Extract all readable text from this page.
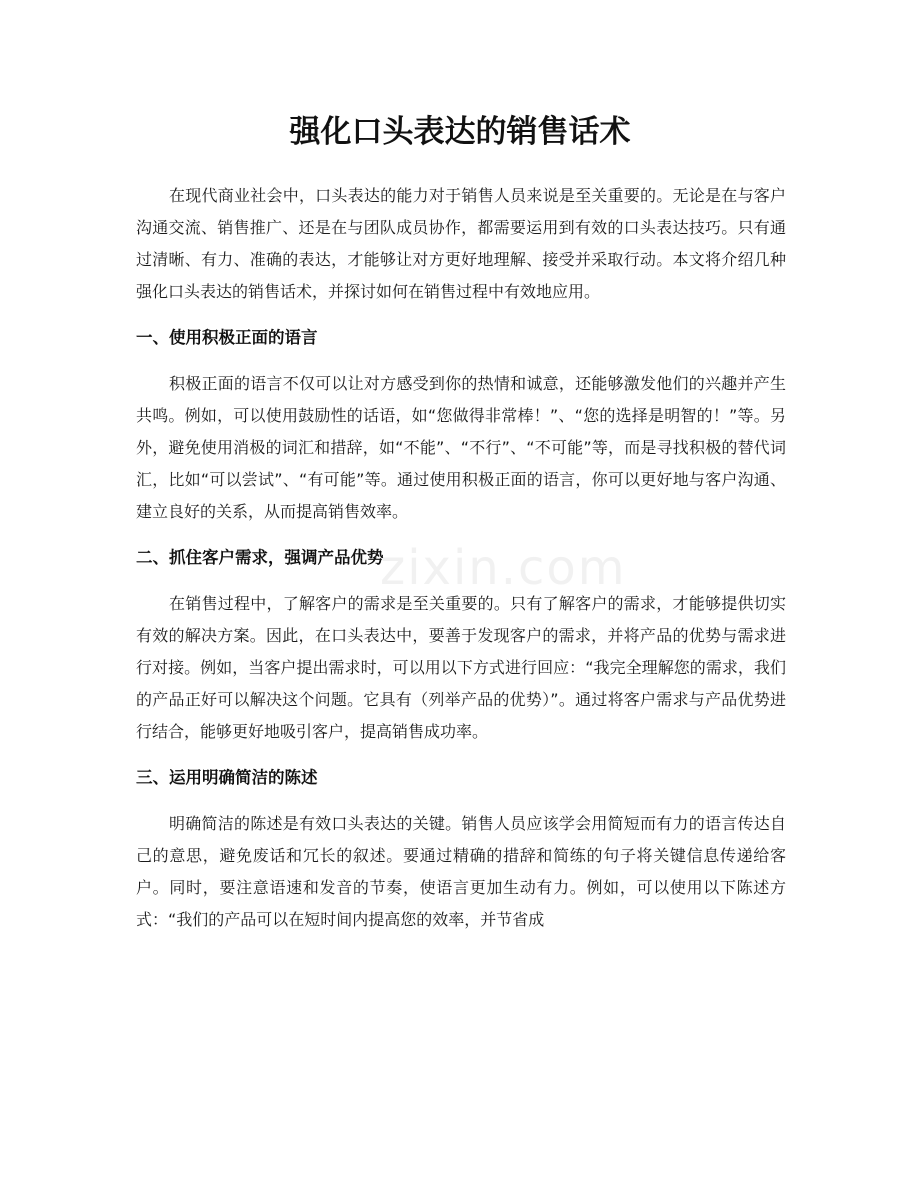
强化口头表达的销售话术
zixin.com

在现代商业社会中，口头表达的能力对于销售人员来说是至关重要的。无论是在与客户沟通交流、销售推广、还是在与团队成员协作，都需要运用到有效的口头表达技巧。只有通过清晰、有力、准确的表达，才能够让对方更好地理解、接受并采取行动。本文将介绍几种强化口头表达的销售话术，并探讨如何在销售过程中有效地应用。

一、使用积极正面的语言

积极正面的语言不仅可以让对方感受到你的热情和诚意，还能够激发他们的兴趣并产生共鸣。例如，可以使用鼓励性的话语，如“您做得非常棒！”、“您的选择是明智的！”等。另外，避免使用消极的词汇和措辞，如“不能”、“不行”、“不可能”等，而是寻找积极的替代词汇，比如“可以尝试”、“有可能”等。通过使用积极正面的语言，你可以更好地与客户沟通、建立良好的关系，从而提高销售效率。

二、抓住客户需求，强调产品优势

在销售过程中，了解客户的需求是至关重要的。只有了解客户的需求，才能够提供切实有效的解决方案。因此，在口头表达中，要善于发现客户的需求，并将产品的优势与需求进行对接。例如，当客户提出需求时，可以用以下方式进行回应：“我完全理解您的需求，我们的产品正好可以解决这个问题。它具有（列举产品的优势）”。通过将客户需求与产品优势进行结合，能够更好地吸引客户，提高销售成功率。

三、运用明确简洁的陈述

明确简洁的陈述是有效口头表达的关键。销售人员应该学会用简短而有力的语言传达自己的意思，避免废话和冗长的叙述。要通过精确的措辞和简练的句子将关键信息传递给客户。同时，要注意语速和发音的节奏，使语言更加生动有力。例如，可以使用以下陈述方式：“我们的产品可以在短时间内提高您的效率，并节省成
